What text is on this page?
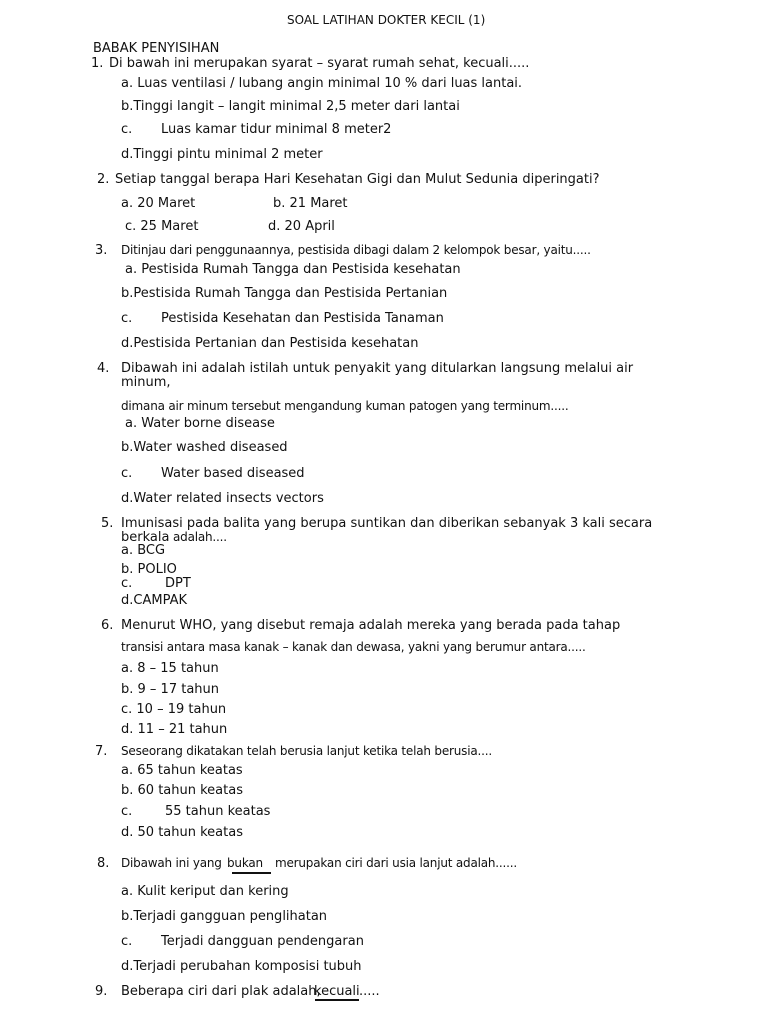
SOAL LATIHAN DOKTER KECIL (1)
BABAK PENYISIHAN
1. Di bawah ini merupakan syarat – syarat rumah sehat, kecuali.....
a. Luas ventilasi / lubang angin minimal 10 % dari luas lantai.
b.Tinggi langit – langit minimal 2,5 meter dari lantai
c. Luas kamar tidur minimal 8 meter2
d.Tinggi pintu minimal 2 meter
2. Setiap tanggal berapa Hari Kesehatan Gigi dan Mulut Sedunia diperingati?
a. 20 Maret	b. 21 Maret
c. 25 Maret	d. 20 April
3. Ditinjau dari penggunaannya, pestisida dibagi dalam 2 kelompok besar, yaitu.....
a. Pestisida Rumah Tangga dan Pestisida kesehatan
b.Pestisida Rumah Tangga dan Pestisida Pertanian
c. Pestisida Kesehatan dan Pestisida Tanaman
d.Pestisida Pertanian dan Pestisida kesehatan
4. Dibawah ini adalah istilah untuk penyakit yang ditularkan langsung melalui air
minum,
dimana air minum tersebut mengandung kuman patogen yang terminum.....
a. Water borne disease
b.Water washed diseased
c. Water based diseased
d.Water related insects vectors
5. Imunisasi pada balita yang berupa suntikan dan diberikan sebanyak 3 kali secara
berkala adalah....
a. BCG
b. POLIO
c.	DPT
d.CAMPAK
6. Menurut WHO, yang disebut remaja adalah mereka yang berada pada tahap
transisi antara masa kanak – kanak dan dewasa, yakni yang berumur antara.....
a. 8 – 15 tahun
b. 9 – 17 tahun
c. 10 – 19 tahun
d. 11 – 21 tahun
7. Seseorang dikatakan telah berusia lanjut ketika telah berusia....
a. 65 tahun keatas
b. 60 tahun keatas
c.	55 tahun keatas
d. 50 tahun keatas
8. Dibawah ini yang bukan merupakan ciri dari usia lanjut adalah......
a. Kulit keriput dan kering
b.Terjadi gangguan penglihatan
c. Terjadi dangguan pendengaran
d.Terjadi perubahan komposisi tubuh
9. Beberapa ciri dari plak adalah,
kecuali .....
